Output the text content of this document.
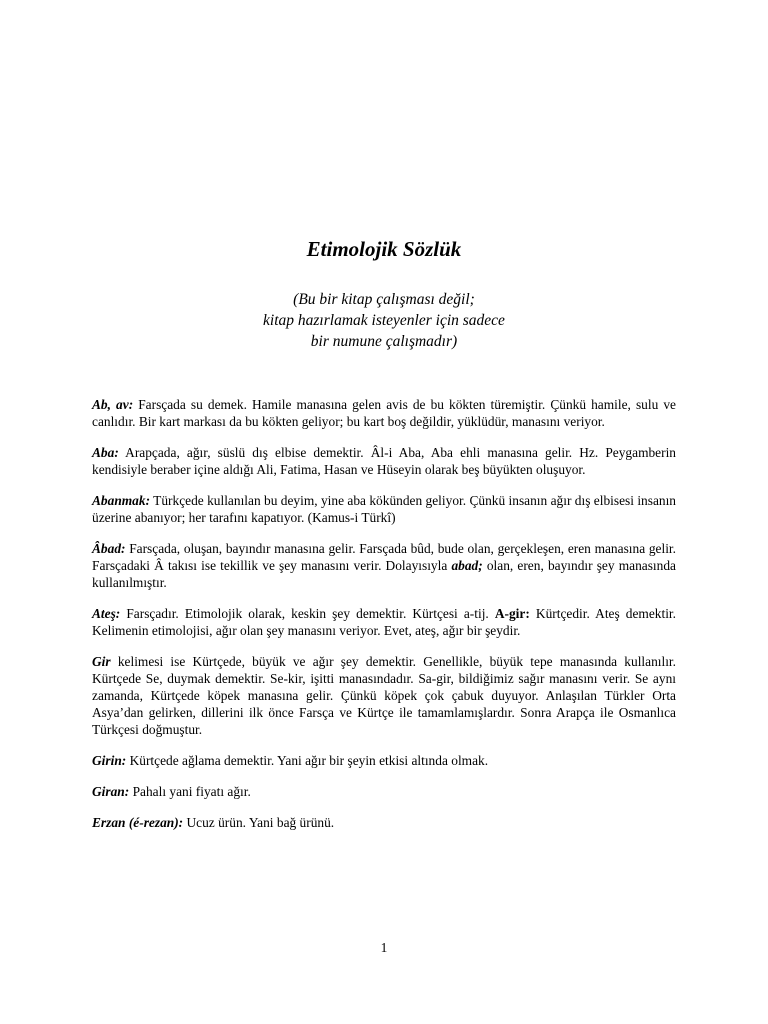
Etimolojik Sözlük
(Bu bir kitap çalışması değil;
kitap hazırlamak isteyenler için sadece
bir numune çalışmadır)

Ab, av: Farsçada su demek. Hamile manasına gelen avis de bu kökten türemiştir. Çünkü hamile, sulu ve canlıdır. Bir kart markası da bu kökten geliyor; bu kart boş değildir, yüklüdür, manasını veriyor.

Aba: Arapçada, ağır, süslü dış elbise demektir. Âl-i Aba, Aba ehli manasına gelir. Hz. Peygamberin kendisiyle beraber içine aldığı Ali, Fatima, Hasan ve Hüseyin olarak beş büyükten oluşuyor.

Abanmak: Türkçede kullanılan bu deyim, yine aba kökünden geliyor. Çünkü insanın ağır dış elbisesi insanın üzerine abanıyor; her tarafını kapatıyor. (Kamus-i Türkî)

Âbad: Farsçada, oluşan, bayındır manasına gelir. Farsçada bûd, bude olan, gerçekleşen, eren manasına gelir. Farsçadaki Â takısı ise tekillik ve şey manasını verir. Dolayısıyla abad; olan, eren, bayındır şey manasında kullanılmıştır.

Ateş: Farsçadır. Etimolojik olarak, keskin şey demektir. Kürtçesi a-tij. A-gir: Kürtçedir. Ateş demektir. Kelimenin etimolojisi, ağır olan şey manasını veriyor. Evet, ateş, ağır bir şeydir.

Gir kelimesi ise Kürtçede, büyük ve ağır şey demektir. Genellikle, büyük tepe manasında kullanılır. Kürtçede Se, duymak demektir. Se-kir, işitti manasındadır. Sa-gir, bildiğimiz sağır manasını verir. Se aynı zamanda, Kürtçede köpek manasına gelir. Çünkü köpek çok çabuk duyuyor. Anlaşılan Türkler Orta Asya’dan gelirken, dillerini ilk önce Farsça ve Kürtçe ile tamamlamışlardır. Sonra Arapça ile Osmanlıca Türkçesi doğmuştur.

Girin: Kürtçede ağlama demektir. Yani ağır bir şeyin etkisi altında olmak.

Giran: Pahalı yani fiyatı ağır.

Erzan (é-rezan): Ucuz ürün. Yani bağ ürünü.

1
